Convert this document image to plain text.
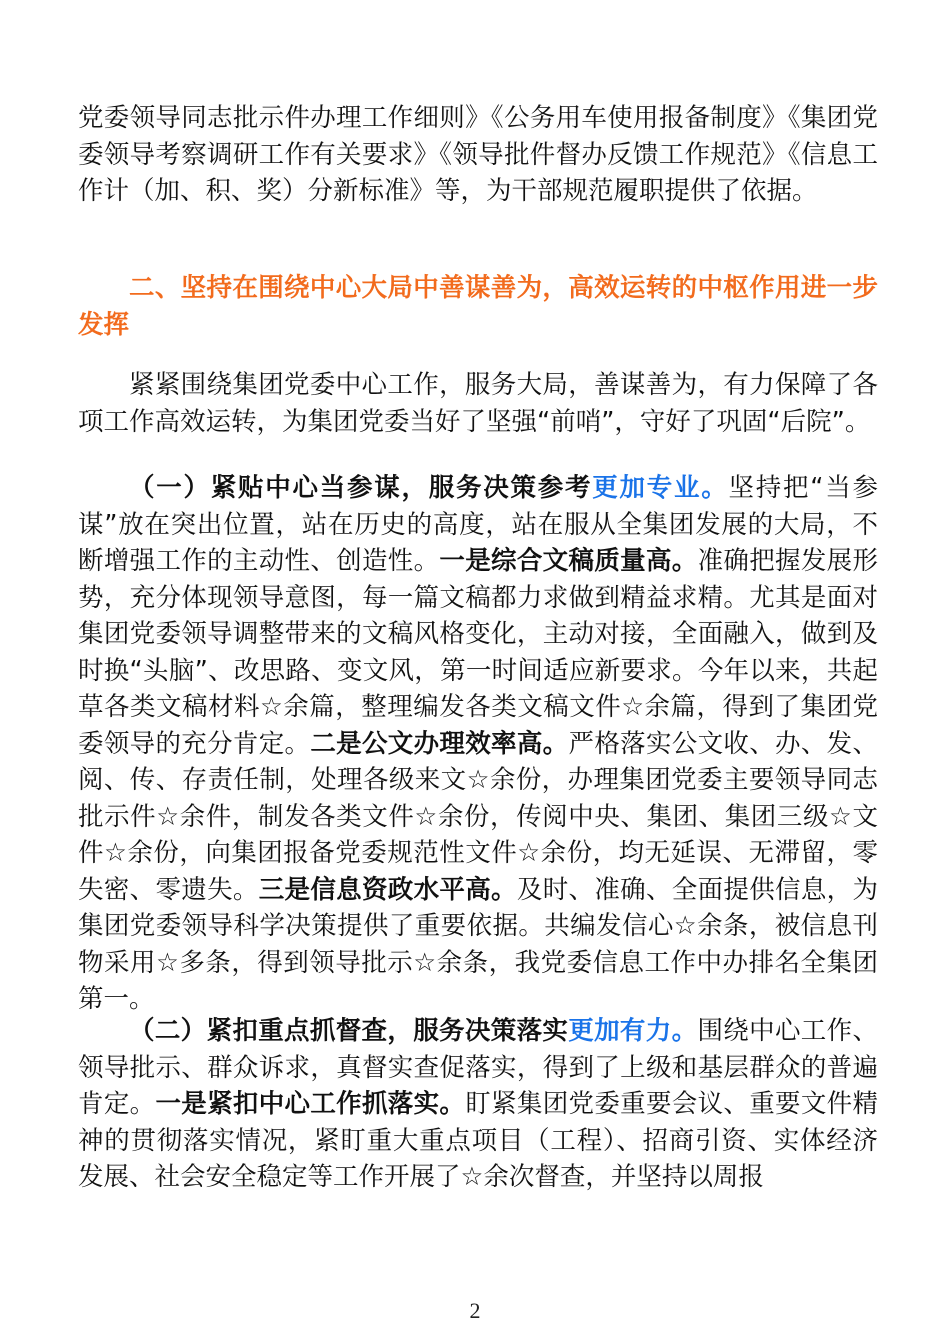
党委领导同志批示件办理工作细则》《公务用车使用报备制度》《集团党委领导考察调研工作有关要求》《领导批件督办反馈工作规范》《信息工作计（加、积、奖）分新标准》等，为干部规范履职提供了依据。

二、坚持在围绕中心大局中善谋善为，高效运转的中枢作用进一步发挥

紧紧围绕集团党委中心工作，服务大局，善谋善为，有力保障了各项工作高效运转，为集团党委当好了坚强“前哨”，守好了巩固“后院”。

（一）紧贴中心当参谋，服务决策参考更加专业。坚持把“当参谋”放在突出位置，站在历史的高度，站在服从全集团发展的大局，不断增强工作的主动性、创造性。一是综合文稿质量高。准确把握发展形势，充分体现领导意图，每一篇文稿都力求做到精益求精。尤其是面对集团党委领导调整带来的文稿风格变化，主动对接，全面融入，做到及时换“头脑”、改思路、变文风，第一时间适应新要求。今年以来，共起草各类文稿材料☆余篇，整理编发各类文稿文件☆余篇，得到了集团党委领导的充分肯定。二是公文办理效率高。严格落实公文收、办、发、阅、传、存责任制，处理各级来文☆余份，办理集团党委主要领导同志批示件☆余件，制发各类文件☆余份，传阅中央、集团、集团三级☆文件☆余份，向集团报备党委规范性文件☆余份，均无延误、无滞留，零失密、零遗失。三是信息资政水平高。及时、准确、全面提供信息，为集团党委领导科学决策提供了重要依据。共编发信心☆余条，被信息刊物采用☆多条，得到领导批示☆余条，我党委信息工作中办排名全集团第一。

（二）紧扣重点抓督查，服务决策落实更加有力。围绕中心工作、领导批示、群众诉求，真督实查促落实，得到了上级和基层群众的普遍肯定。一是紧扣中心工作抓落实。盯紧集团党委重要会议、重要文件精神的贯彻落实情况，紧盯重大重点项目（工程）、招商引资、实体经济发展、社会安全稳定等工作开展了☆余次督查，并坚持以周报

2
